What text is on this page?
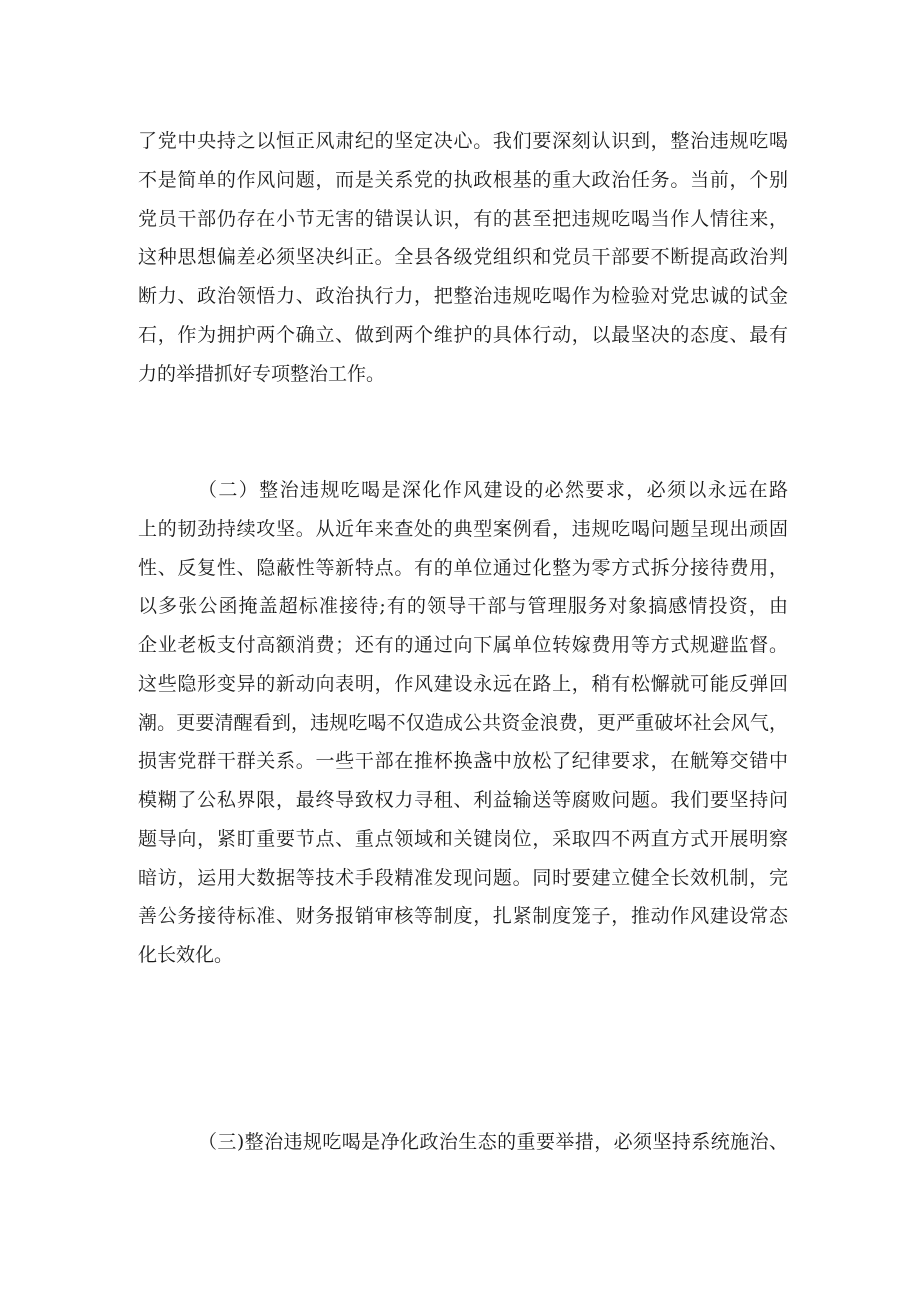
了党中央持之以恒正风肃纪的坚定决心。我们要深刻认识到，整治违规吃喝
不是简单的作风问题，而是关系党的执政根基的重大政治任务。当前，个别
党员干部仍存在小节无害的错误认识，有的甚至把违规吃喝当作人情往来，
这种思想偏差必须坚决纠正。全县各级党组织和党员干部要不断提高政治判
断力、政治领悟力、政治执行力，把整治违规吃喝作为检验对党忠诚的试金
石，作为拥护两个确立、做到两个维护的具体行动，以最坚决的态度、最有
力的举措抓好专项整治工作。
（二）整治违规吃喝是深化作风建设的必然要求，必须以永远在路
上的韧劲持续攻坚。从近年来查处的典型案例看，违规吃喝问题呈现出顽固
性、反复性、隐蔽性等新特点。有的单位通过化整为零方式拆分接待费用，
以多张公函掩盖超标准接待;有的领导干部与管理服务对象搞感情投资，由
企业老板支付高额消费；还有的通过向下属单位转嫁费用等方式规避监督。
这些隐形变异的新动向表明，作风建设永远在路上，稍有松懈就可能反弹回
潮。更要清醒看到，违规吃喝不仅造成公共资金浪费，更严重破坏社会风气，
损害党群干群关系。一些干部在推杯换盏中放松了纪律要求，在觥筹交错中
模糊了公私界限，最终导致权力寻租、利益输送等腐败问题。我们要坚持问
题导向，紧盯重要节点、重点领域和关键岗位，采取四不两直方式开展明察
暗访，运用大数据等技术手段精准发现问题。同时要建立健全长效机制，完
善公务接待标准、财务报销审核等制度，扎紧制度笼子，推动作风建设常态
化长效化。
（三)整治违规吃喝是净化政治生态的重要举措，必须坚持系统施治、
